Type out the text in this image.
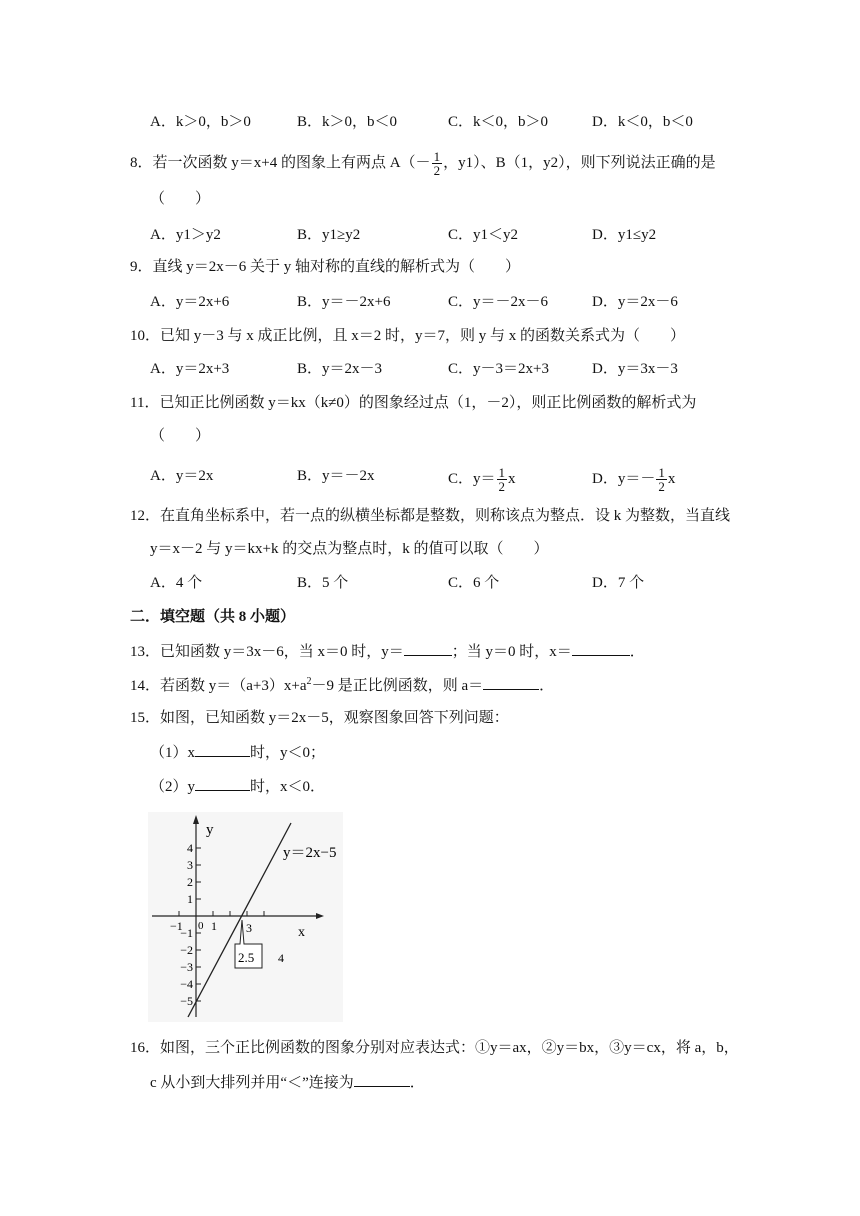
A．k＞0，b＞0	B．k＞0，b＜0	C．k＜0，b＞0	D．k＜0，b＜0
8．若一次函数 y＝x+4 的图象上有两点 $A(- \frac{1}{2}$ ，y1）、B（1，y2），则下列说法正确的是
（　　）
A．y1＞y2	B．y1≥y2	C．y1＜y2	D．y1≤y2
9．直线 y＝2x－6 关于 y 轴对称的直线的解析式为（　　）
A．y＝2x+6	B．y＝－2x+6	C．y＝－2x－6	D．y＝2x－6
10．已知 y－3 与 x 成正比例，且 x＝2 时，y＝7，则 y 与 x 的函数关系式为（　　）
A．y＝2x+3	B．y＝2x－3	C．y－3＝2x+3	D．y＝3x－3
11．已知正比例函数 y＝kx（k≠0）的图象经过点（1，－2），则正比例函数的解析式为
（　　）
A．y＝2x	B．y＝－2x	C．$y= \frac{1}{2}$ x	D．$y=- \frac{1}{2}$ x
12．在直角坐标系中，若一点的纵横坐标都是整数，则称该点为整点．设 k 为整数，当直线
y＝x－2 与 y＝kx+k 的交点为整点时，k 的值可以取（　　）
A．4 个	B．5 个	C．6 个	D．7 个
二．填空题（共 8 小题）
13．已知函数 y＝3x－6，当 x＝0 时，y＝	；当 y＝0 时，x＝	．
14．若函数 $y=(a+3)x+a^2-9$ 是正比例函数，则 a＝	．
15．如图，已知函数 y＝2x－5，观察图象回答下列问题：
（1）x	时，y＜0；
（2）y	时，x＜0．
y
x
0
4
3
2
1
−1
−2
−3
−4
−5
−1 1 3
4
y＝2x−5
2.5
16．如图，三个正比例函数的图象分别对应表达式：①y＝ax，②y＝bx，③y＝cx，将 a，b，
c 从小到大排列并用“＜”连接为	．
